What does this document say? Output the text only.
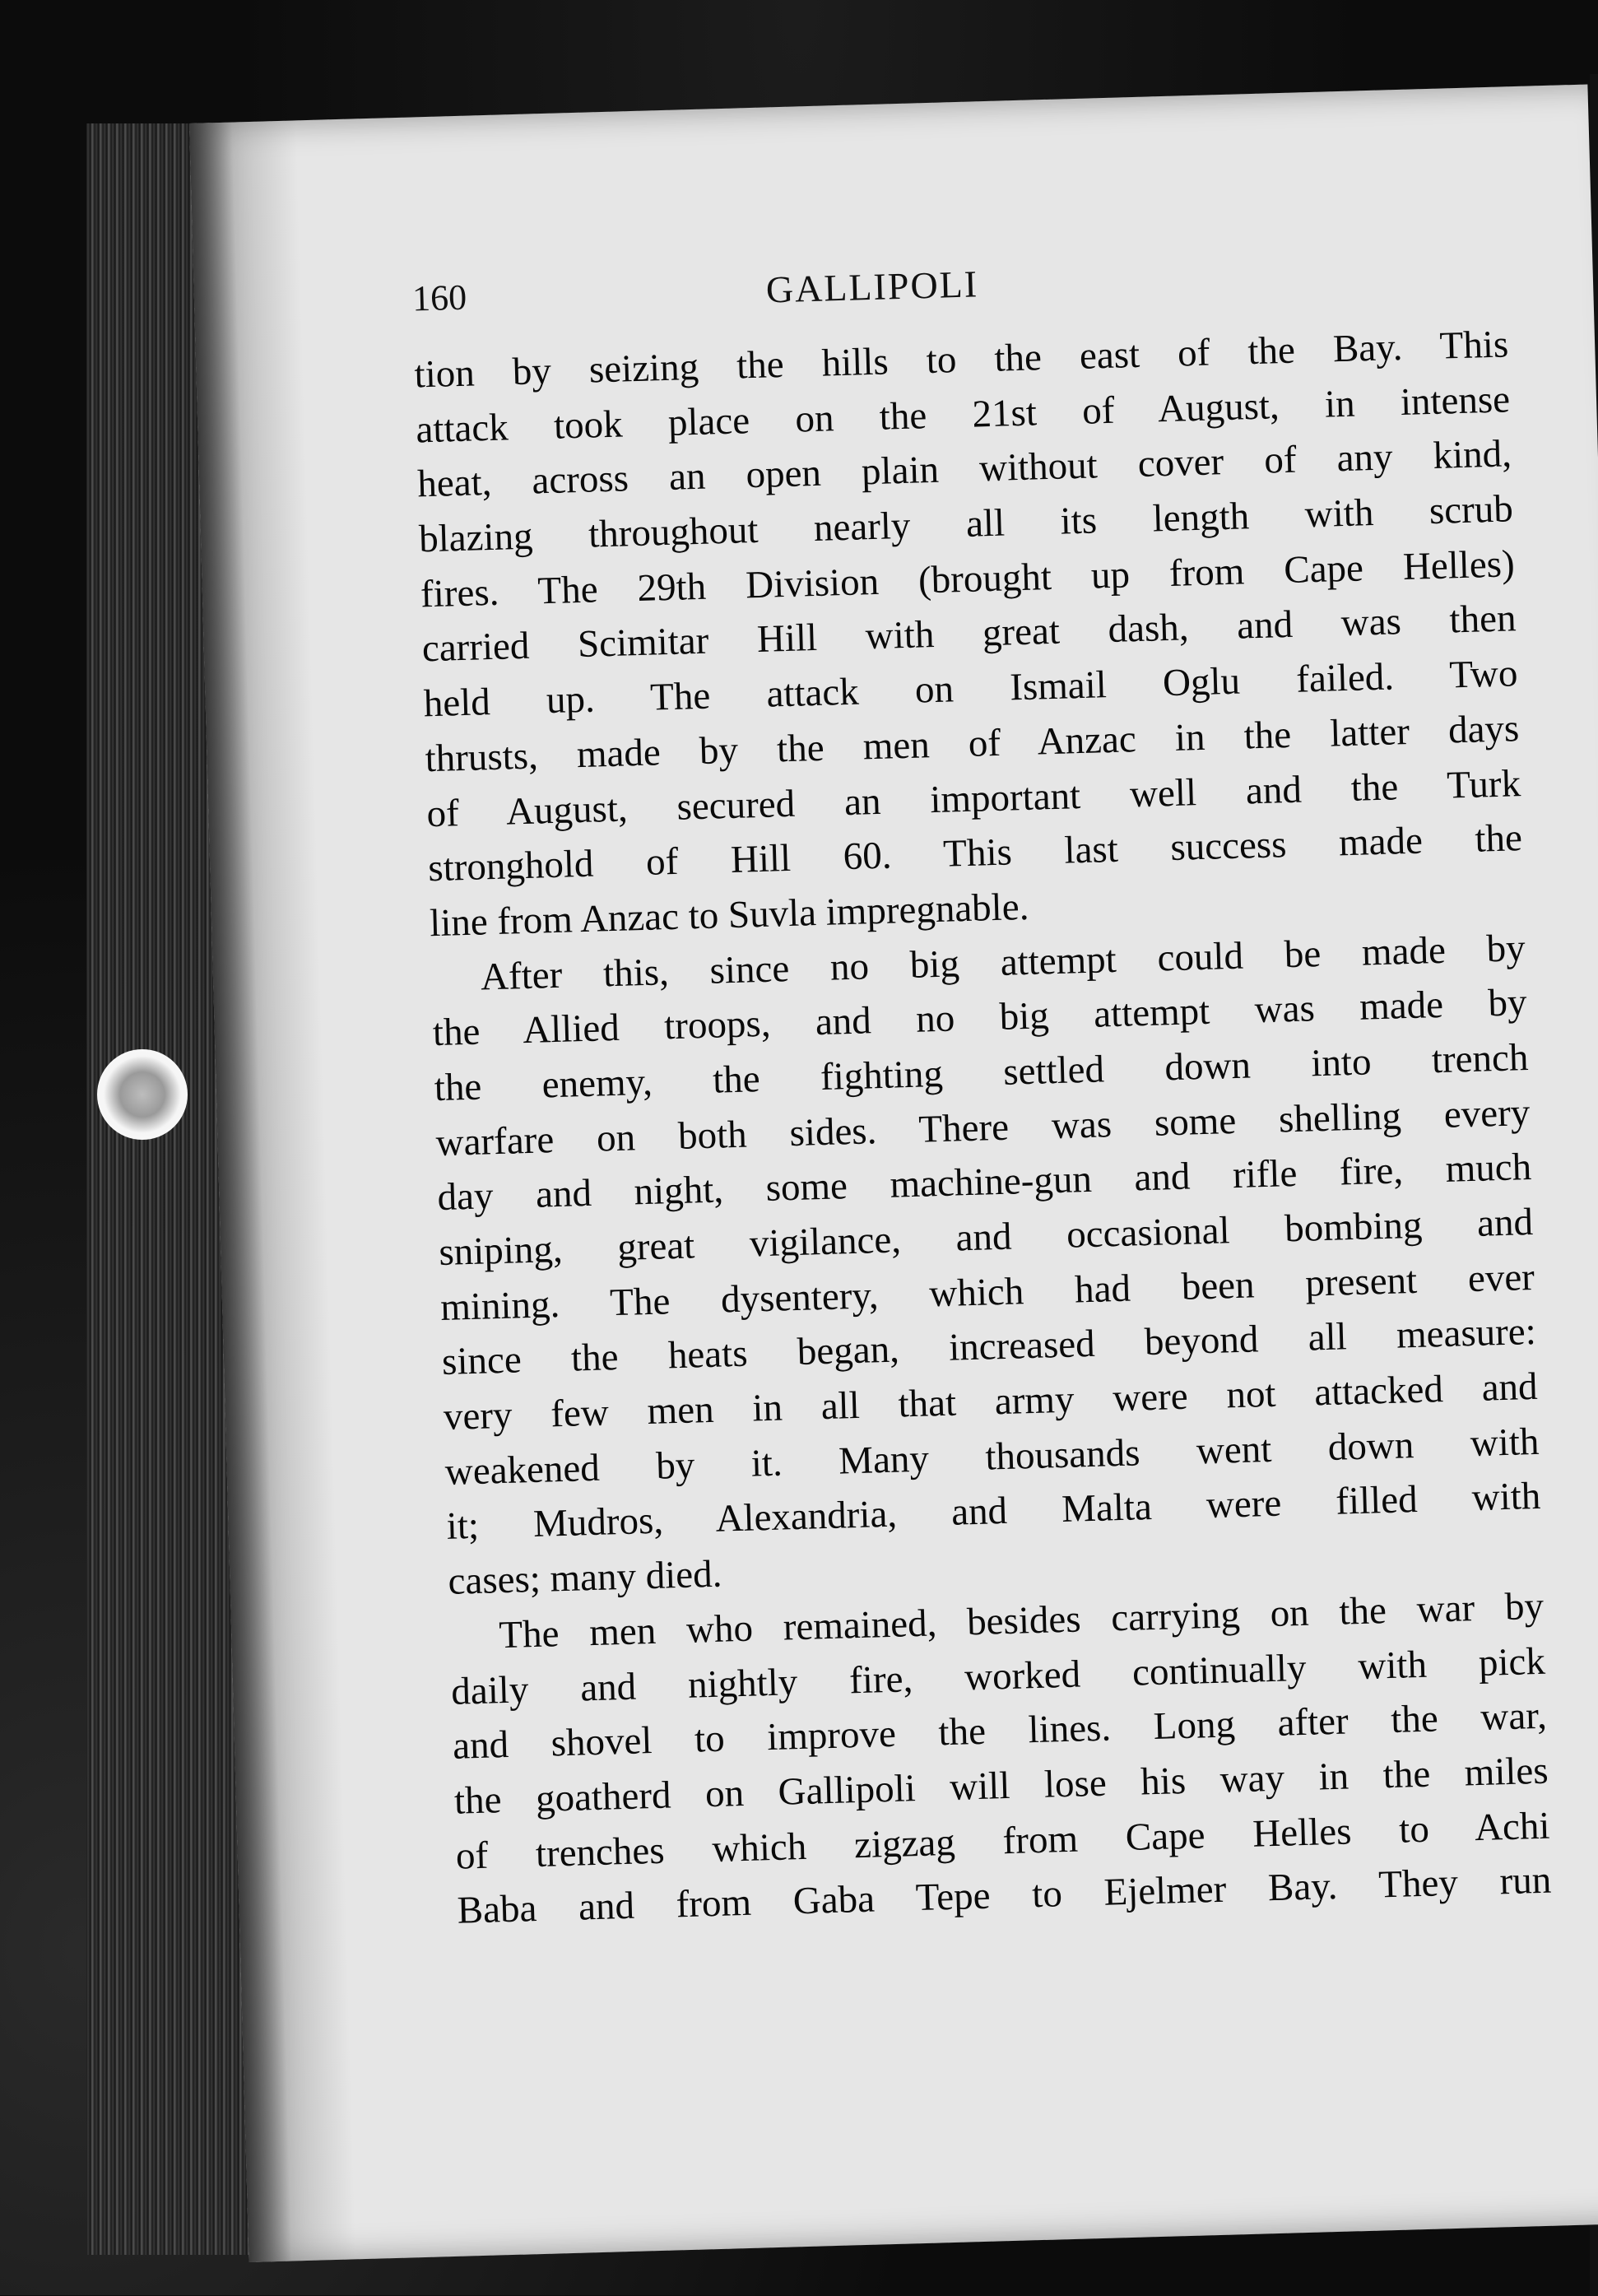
160	GALLIPOLI
tion by seizing the hills to the east of the Bay. This
attack took place on the 21st of August, in intense
heat, across an open plain without cover of any kind,
blazing throughout nearly all its length with scrub
fires. The 29th Division (brought up from Cape Helles)
carried Scimitar Hill with great dash, and was then
held up. The attack on Ismail Oglu failed. Two
thrusts, made by the men of Anzac in the latter days
of August, secured an important well and the Turk
stronghold of Hill 60. This last success made the
line from Anzac to Suvla impregnable.
After this, since no big attempt could be made by
the Allied troops, and no big attempt was made by
the enemy, the fighting settled down into trench
warfare on both sides. There was some shelling every
day and night, some machine-gun and rifle fire, much
sniping, great vigilance, and occasional bombing and
mining. The dysentery, which had been present ever
since the heats began, increased beyond all measure:
very few men in all that army were not attacked and
weakened by it. Many thousands went down with
it; Mudros, Alexandria, and Malta were filled with
cases; many died.
The men who remained, besides carrying on the war by
daily and nightly fire, worked continually with pick
and shovel to improve the lines. Long after the war,
the goatherd on Gallipoli will lose his way in the miles
of trenches which zigzag from Cape Helles to Achi
Baba and from Gaba Tepe to Ejelmer Bay. They run
